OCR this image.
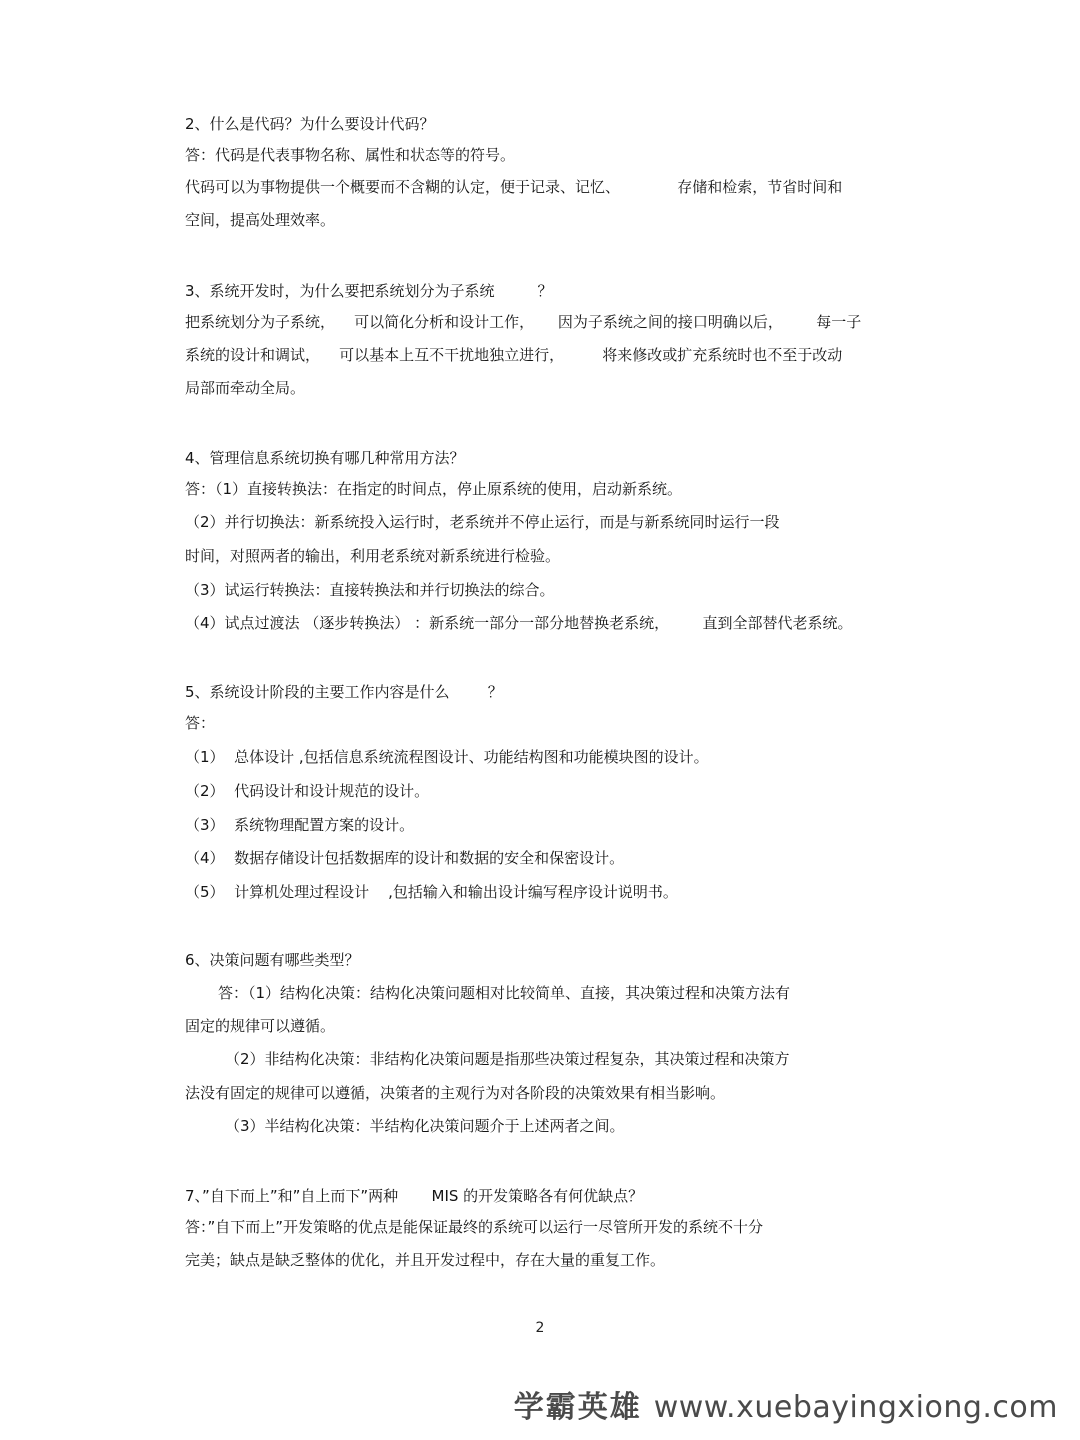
2、什么是代码？为什么要设计代码？
答：代码是代表事物名称、属性和状态等的符号。
代码可以为事物提供一个概要而不含糊的认定，便于记录、记忆、            存储和检索，节省时间和
空间，提高处理效率。
3、系统开发时，为什么要把系统划分为子系统         ？
把系统划分为子系统，    可以简化分析和设计工作，     因为子系统之间的接口明确以后，       每一子
系统的设计和调试，    可以基本上互不干扰地独立进行，        将来修改或扩充系统时也不至于改动
局部而牵动全局。
4、管理信息系统切换有哪几种常用方法？
答：（1）直接转换法：在指定的时间点，停止原系统的使用，启动新系统。
（2）并行切换法：新系统投入运行时，老系统并不停止运行，而是与新系统同时运行一段
时间，对照两者的输出，利用老系统对新系统进行检验。
（3）试运行转换法：直接转换法和并行切换法的综合。
（4）试点过渡法 （逐步转换法） ：新系统一部分一部分地替换老系统，       直到全部替代老系统。
5、系统设计阶段的主要工作内容是什么        ？
答：
（1）  总体设计 ,包括信息系统流程图设计、功能结构图和功能模块图的设计。
（2）  代码设计和设计规范的设计。
（3）  系统物理配置方案的设计。
（4）  数据存储设计包括数据库的设计和数据的安全和保密设计。
（5）  计算机处理过程设计    ,包括输入和输出设计编写程序设计说明书。
6、决策问题有哪些类型？
答：（1）结构化决策：结构化决策问题相对比较简单、直接，其决策过程和决策方法有
固定的规律可以遵循。
（2）非结构化决策：非结构化决策问题是指那些决策过程复杂，其决策过程和决策方
法没有固定的规律可以遵循，决策者的主观行为对各阶段的决策效果有相当影响。
（3）半结构化决策：半结构化决策问题介于上述两者之间。
7、”自下而上”和”自上而下”两种       MIS 的开发策略各有何优缺点？
答：”自下而上”开发策略的优点是能保证最终的系统可以运行一尽管所开发的系统不十分
完美；缺点是缺乏整体的优化，并且开发过程中，存在大量的重复工作。
2
学霸英雄 www.xuebayingxiong.com
